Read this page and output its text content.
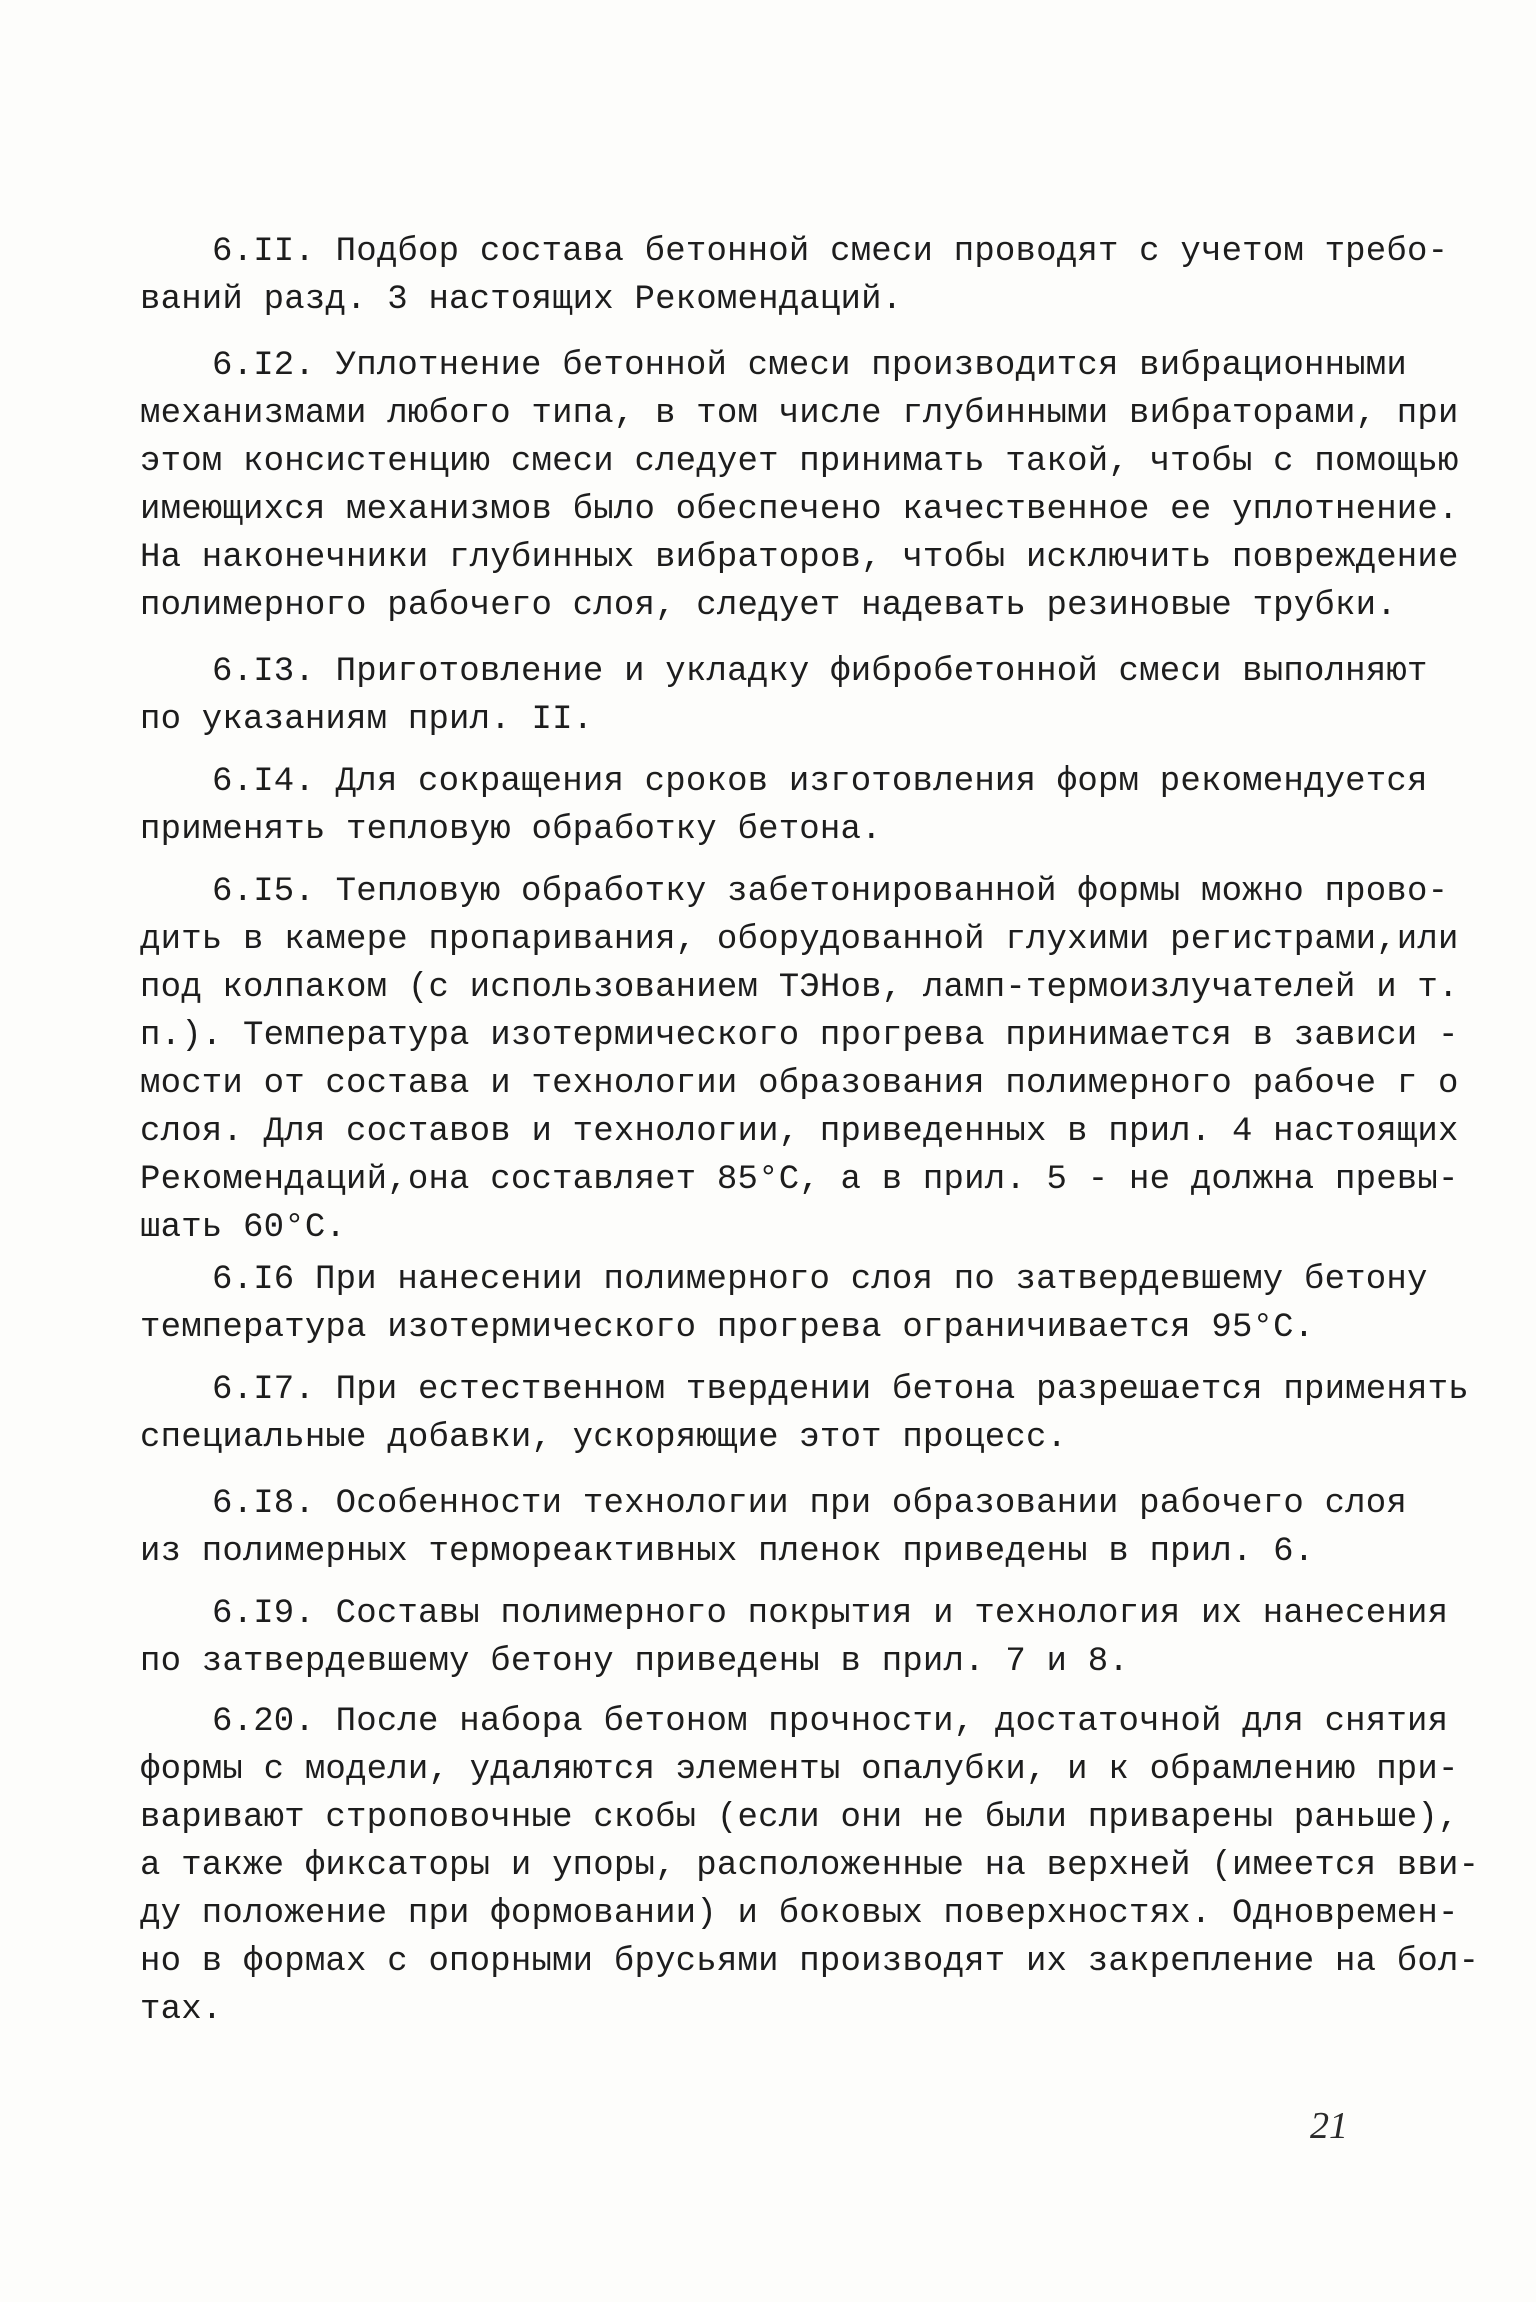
6.II. Подбор состава бетонной смеси проводят с учетом требо-
ваний разд. 3 настоящих Рекомендаций.
6.I2. Уплотнение бетонной смеси производится вибрационными
механизмами любого типа, в том числе глубинными вибраторами, при
этом консистенцию смеси следует принимать такой, чтобы с помощью
имеющихся механизмов было обеспечено качественное ее уплотнение.
На наконечники глубинных вибраторов, чтобы исключить повреждение
полимерного рабочего слоя, следует надевать резиновые трубки.
6.I3. Приготовление и укладку фибробетонной смеси выполняют
по указаниям прил. II.
6.I4. Для сокращения сроков изготовления форм рекомендуется
применять тепловую обработку бетона.
6.I5. Тепловую обработку забетонированной формы можно прово-
дить в камере пропаривания, оборудованной глухими регистрами,или
под колпаком (с использованием ТЭНов, ламп-термоизлучателей и т.
п.). Температура изотермического прогрева принимается в зависи -
мости от состава и технологии образования полимерного рабоче г о
слоя. Для составов и технологии, приведенных в прил. 4 настоящих
Рекомендаций,она составляет 85°С, а в прил. 5 - не должна превы-
шать 60°С.
6.I6 При нанесении полимерного слоя по затвердевшему бетону
температура изотермического прогрева ограничивается 95°С.
6.I7. При естественном твердении бетона разрешается применять
специальные добавки, ускоряющие этот процесс.
6.I8. Особенности технологии при образовании рабочего слоя
из полимерных термореактивных пленок приведены в прил. 6.
6.I9. Составы полимерного покрытия и технология их нанесения
по затвердевшему бетону приведены в прил. 7 и 8.
6.20. После набора бетоном прочности, достаточной для снятия
формы с модели, удаляются элементы опалубки, и к обрамлению при-
варивают строповочные скобы (если они не были приварены раньше),
а также фиксаторы и упоры, расположенные на верхней (имеется вви-
ду положение при формовании) и боковых поверхностях. Одновремен-
но в формах с опорными брусьями производят их закрепление на бол-
тах.
21
